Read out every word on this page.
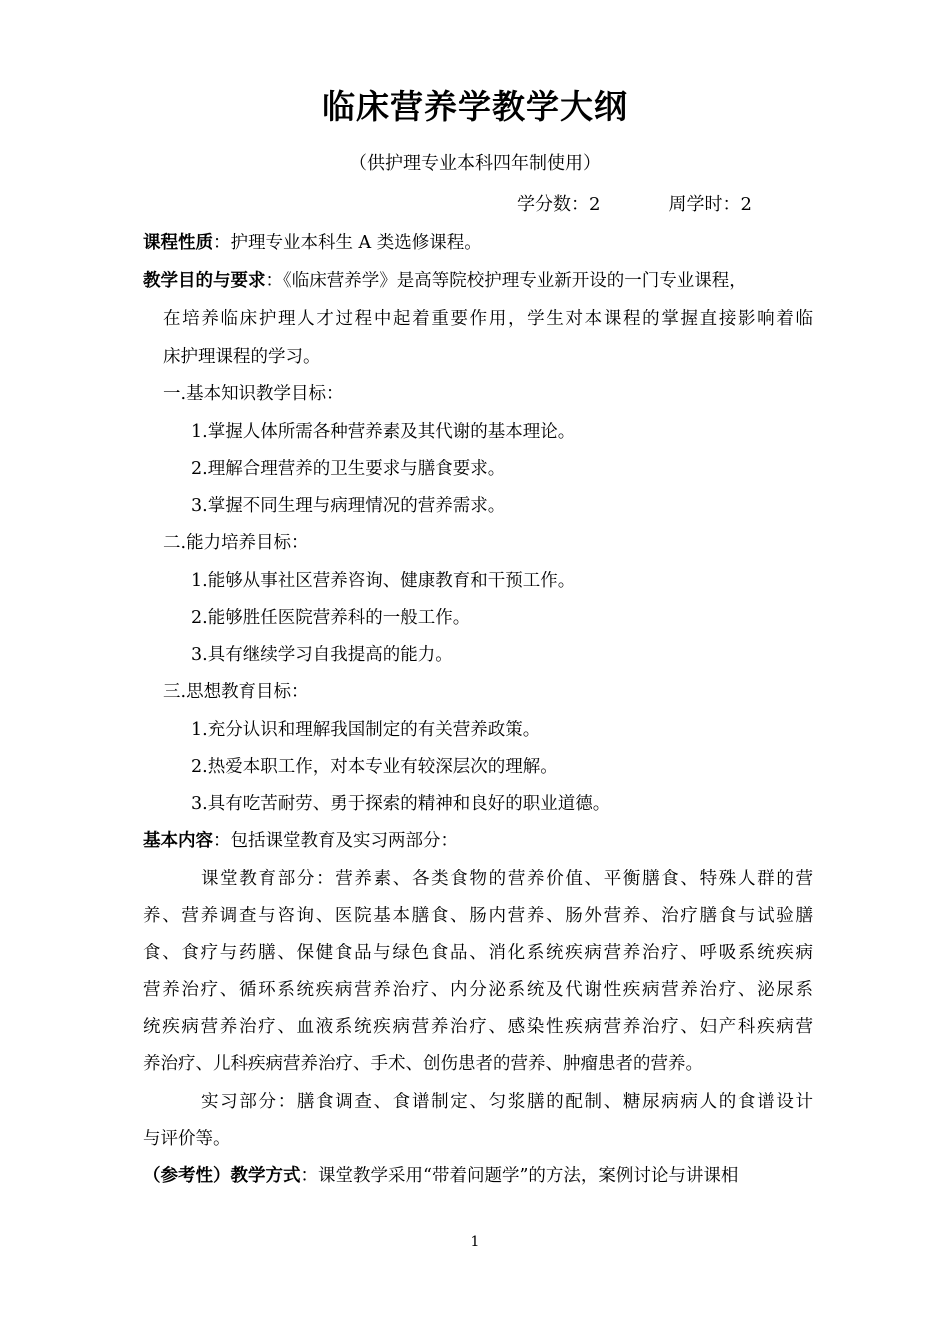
临床营养学教学大纲
（供护理专业本科四年制使用）
学分数：2	周学时：2
课程性质：护理专业本科生 A 类选修课程。
教学目的与要求：《临床营养学》是高等院校护理专业新开设的一门专业课程，
在培养临床护理人才过程中起着重要作用，学生对本课程的掌握直接影响着临
床护理课程的学习。
一.基本知识教学目标：
1.掌握人体所需各种营养素及其代谢的基本理论。
2.理解合理营养的卫生要求与膳食要求。
3.掌握不同生理与病理情况的营养需求。
二.能力培养目标：
1.能够从事社区营养咨询、健康教育和干预工作。
2.能够胜任医院营养科的一般工作。
3.具有继续学习自我提高的能力。
三.思想教育目标：
1.充分认识和理解我国制定的有关营养政策。
2.热爱本职工作，对本专业有较深层次的理解。
3.具有吃苦耐劳、勇于探索的精神和良好的职业道德。
基本内容：包括课堂教育及实习两部分：
课堂教育部分：营养素、各类食物的营养价值、平衡膳食、特殊人群的营
养、营养调查与咨询、医院基本膳食、肠内营养、肠外营养、治疗膳食与试验膳
食、食疗与药膳、保健食品与绿色食品、消化系统疾病营养治疗、呼吸系统疾病
营养治疗、循环系统疾病营养治疗、内分泌系统及代谢性疾病营养治疗、泌尿系
统疾病营养治疗、血液系统疾病营养治疗、感染性疾病营养治疗、妇产科疾病营
养治疗、儿科疾病营养治疗、手术、创伤患者的营养、肿瘤患者的营养。
实习部分：膳食调查、食谱制定、匀浆膳的配制、糖尿病病人的食谱设计
与评价等。
（参考性）教学方式：课堂教学采用“带着问题学”的方法，案例讨论与讲课相
1
